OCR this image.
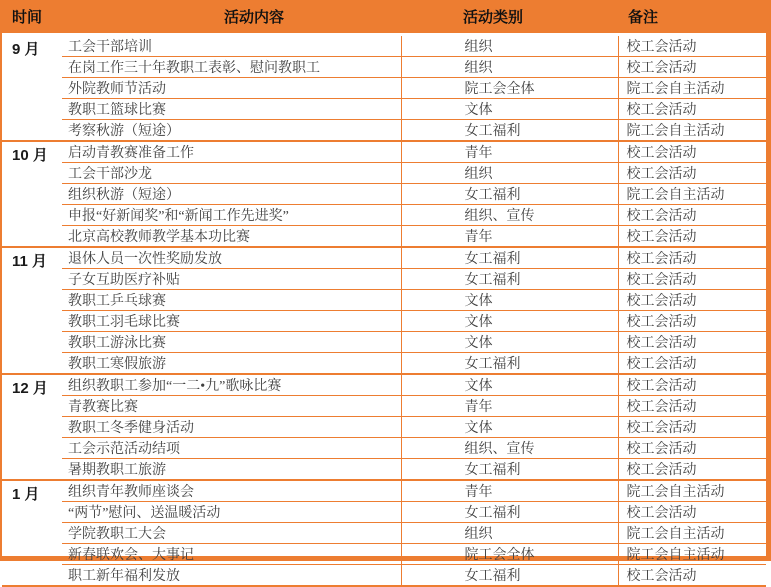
时间	活动内容	活动类别	备注
9 月	工会干部培训	组织	校工会活动
	在岗工作三十年教职工表彰、慰问教职工	组织	校工会活动
	外院教师节活动	院工会全体	院工会自主活动
	教职工篮球比赛	文体	校工会活动
	考察秋游（短途）	女工福利	院工会自主活动
10 月	启动青教赛准备工作	青年	校工会活动
	工会干部沙龙	组织	校工会活动
	组织秋游（短途）	女工福利	院工会自主活动
	申报“好新闻奖”和“新闻工作先进奖”	组织、宣传	校工会活动
	北京高校教师教学基本功比赛	青年	校工会活动
11 月	退休人员一次性奖励发放	女工福利	校工会活动
	子女互助医疗补贴	女工福利	校工会活动
	教职工乒乓球赛	文体	校工会活动
	教职工羽毛球比赛	文体	校工会活动
	教职工游泳比赛	文体	校工会活动
	教职工寒假旅游	女工福利	校工会活动
12 月	组织教职工参加“一二•九”歌咏比赛	文体	校工会活动
	青教赛比赛	青年	校工会活动
	教职工冬季健身活动	文体	校工会活动
	工会示范活动结项	组织、宣传	校工会活动
	暑期教职工旅游	女工福利	校工会活动
1 月	组织青年教师座谈会	青年	院工会自主活动
	“两节”慰问、送温暖活动	女工福利	校工会活动
	学院教职工大会	组织	院工会自主活动
	新春联欢会、大事记	院工会全体	院工会自主活动
	职工新年福利发放	女工福利	校工会活动
